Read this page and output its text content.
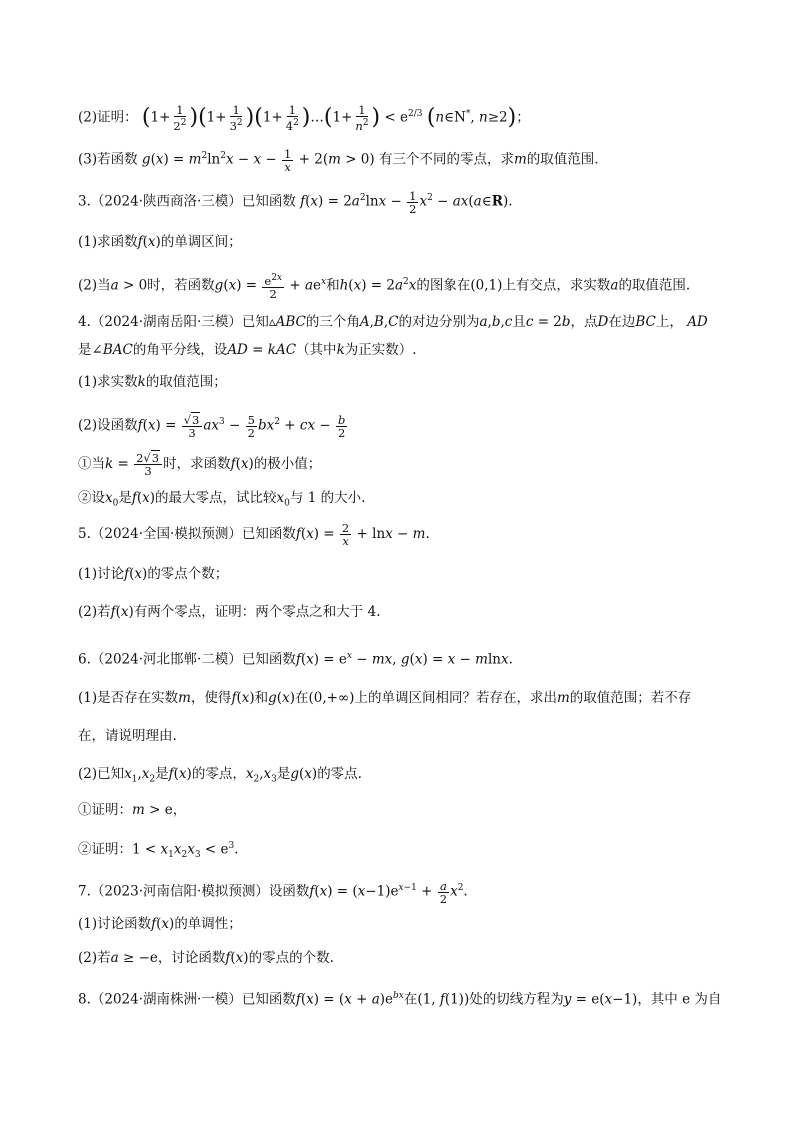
(2)证明： $(1+ \frac{1}{2^2} )(1+ \frac{1}{3^2} )(1+ \frac{1}{4^2}$ )…(1+ $\frac{1}{n^2}$ ) < $e^{2/3}$ (n∈N*, n≥2)；
(3)若函数 $g(x) = m^2\ln^2x - x - \frac{1}{x} + 2(m > 0)$ 有三个不同的零点，求m的取值范围.
3.（2024·陕西商洛·三模）已知函数 $f(x) = 2a^2\ln x - \frac{1}{2} x^2$ − ax(a∈R).
(1)求函数f(x)的单调区间；
(2)当a > 0时，若函数$g(x) = \frac{e^{2x}}{2} + ae^x$和$h(x) = 2a^2x$的图象在(0,1)上有交点，求实数a的取值范围.
4.（2024·湖南岳阳·三模）已知▵ABC的三个角A,B,C的对边分别为a,b,c且c = 2b，点D在边BC上， AD
是∠BAC的角平分线，设AD = kAC（其中k为正实数）.
(1)求实数k的取值范围；
(2)设函数$f(x) = \frac{√3}{3} ax^3 - \frac{5}{2} bx^2$ + cx − $\frac{b}{2}$
①当$k = \frac{2√3}{3}$ 时，求函数f(x)的极小值；
②设$x_0$是f(x)的最大零点，试比较$x_0$与 1 的大小.
5.（2024·全国·模拟预测）已知函数$f(x) = \frac{2}{x} + \ln x - m$.
(1)讨论f(x)的零点个数；
(2)若f(x)有两个零点，证明：两个零点之和大于 4.
6.（2024·河北邯郸·二模）已知函数$f(x) = e^x$ − mx, g(x) = x − mlnx.
(1)是否存在实数m，使得f(x)和g(x)在(0,+∞)上的单调区间相同？若存在，求出m的取值范围；若不存
在，请说明理由.
(2)已知$x_1,x_2$是f(x)的零点，$x_2,x_3$是g(x)的零点.
①证明：m > e，
②证明：$1 < x_1x_2x_3 < e^3$.
7.（2023·河南信阳·模拟预测）设函数$f(x) = (x-1)e^{x-1} + \frac{a}{2} x^2$.
(1)讨论函数f(x)的单调性；
(2)若a ≥ −e，讨论函数f(x)的零点的个数.
8.（2024·湖南株洲·一模）已知函数$f(x) = (x + a)e^{bx}$在(1, f(1))处的切线方程为y = e(x−1)，其中 e 为自
